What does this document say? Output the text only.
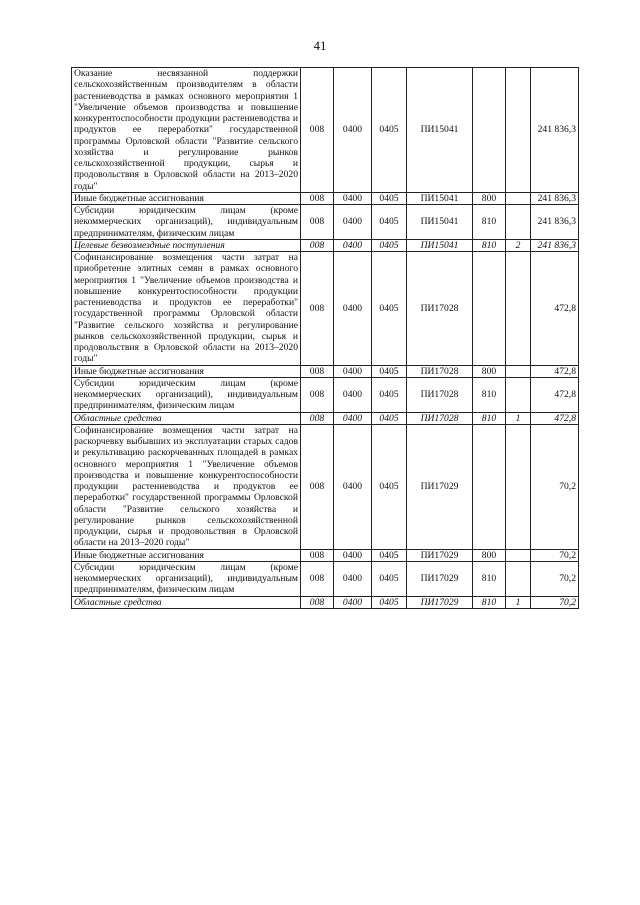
41
Оказание несвязанной поддержки сельскохозяйственным производителям в области растениеводства в рамках основного мероприятия 1 "Увеличение объемов производства и повышение конкурентоспособности продукции растениеводства и продуктов ее переработки" государственной программы Орловской области "Развитие сельского хозяйства и регулирование рынков сельскохозяйственной продукции, сырья и продовольствия в Орловской области на 2013–2020 годы"	008	0400	0405	ПИ15041			241 836,3
Иные бюджетные ассигнования	008	0400	0405	ПИ15041	800		241 836,3
Субсидии юридическим лицам (кроме некоммерческих организаций), индивидуальным предпринимателям, физическим лицам	008	0400	0405	ПИ15041	810		241 836,3
Целевые безвозмездные поступления	008	0400	0405	ПИ15041	810	2	241 836,3
Софинансирование возмещения части затрат на приобретение элитных семян в рамках основного мероприятия 1 "Увеличение объемов производства и повышение конкурентоспособности продукции растениеводства и продуктов ее переработки" государственной программы Орловской области "Развитие сельского хозяйства и регулирование рынков сельскохозяйственной продукции, сырья и продовольствия в Орловской области на 2013–2020 годы"	008	0400	0405	ПИ17028			472,8
Иные бюджетные ассигнования	008	0400	0405	ПИ17028	800		472,8
Субсидии юридическим лицам (кроме некоммерческих организаций), индивидуальным предпринимателям, физическим лицам	008	0400	0405	ПИ17028	810		472,8
Областные средства	008	0400	0405	ПИ17028	810	1	472,8
Софинансирование возмещения части затрат на раскорчевку выбывших из эксплуатации старых садов и рекультивацию раскорчеванных площадей в рамках основного мероприятия 1 "Увеличение объемов производства и повышение конкурентоспособности продукции растениеводства и продуктов ее переработки" государственной программы Орловской области "Развитие сельского хозяйства и регулирование рынков сельскохозяйственной продукции, сырья и продовольствия в Орловской области на 2013–2020 годы"	008	0400	0405	ПИ17029			70,2
Иные бюджетные ассигнования	008	0400	0405	ПИ17029	800		70,2
Субсидии юридическим лицам (кроме некоммерческих организаций), индивидуальным предпринимателям, физическим лицам	008	0400	0405	ПИ17029	810		70,2
Областные средства	008	0400	0405	ПИ17029	810	1	70,2
